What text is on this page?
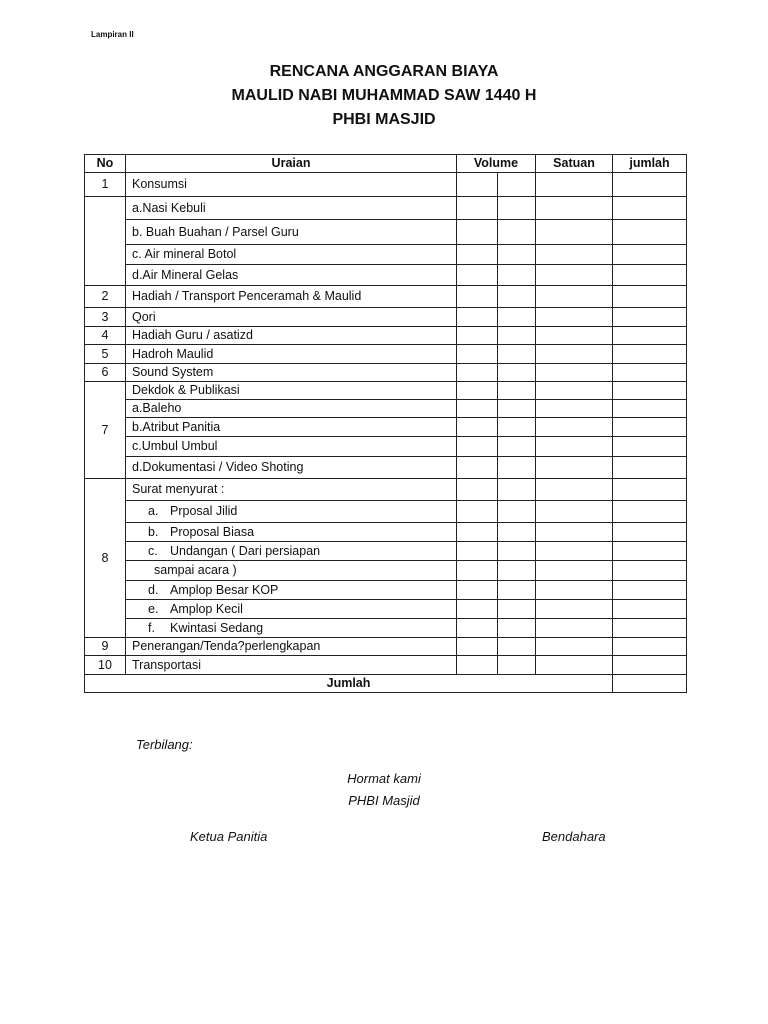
Lampiran II
RENCANA ANGGARAN BIAYA
MAULID NABI MUHAMMAD SAW 1440 H
PHBI MASJID
No	Uraian	Volume		Satuan	jumlah
1	Konsumsi				
	a.Nasi Kebuli				
	b. Buah Buahan / Parsel Guru				
	c. Air mineral Botol				
	d.Air Mineral Gelas				
2	Hadiah / Transport Penceramah & Maulid				
3	Qori				
4	Hadiah Guru / asatizd				
5	Hadroh Maulid				
6	Sound System				
7	Dekdok & Publikasi				
	a.Baleho				
	b.Atribut Panitia				
	c.Umbul Umbul				
	d.Dokumentasi / Video Shoting				
8	Surat menyurat :				
	a. Prposal Jilid				
	b. Proposal Biasa				
	c. Undangan ( Dari persiapan				
	sampai acara )				
	d. Amplop Besar KOP				
	e. Amplop Kecil				
	f. Kwintasi Sedang				
9	Penerangan/Tenda?perlengkapan				
10	Transportasi				
Jumlah					
Terbilang:
Hormat kami
PHBI Masjid
Ketua Panitia	Bendahara
